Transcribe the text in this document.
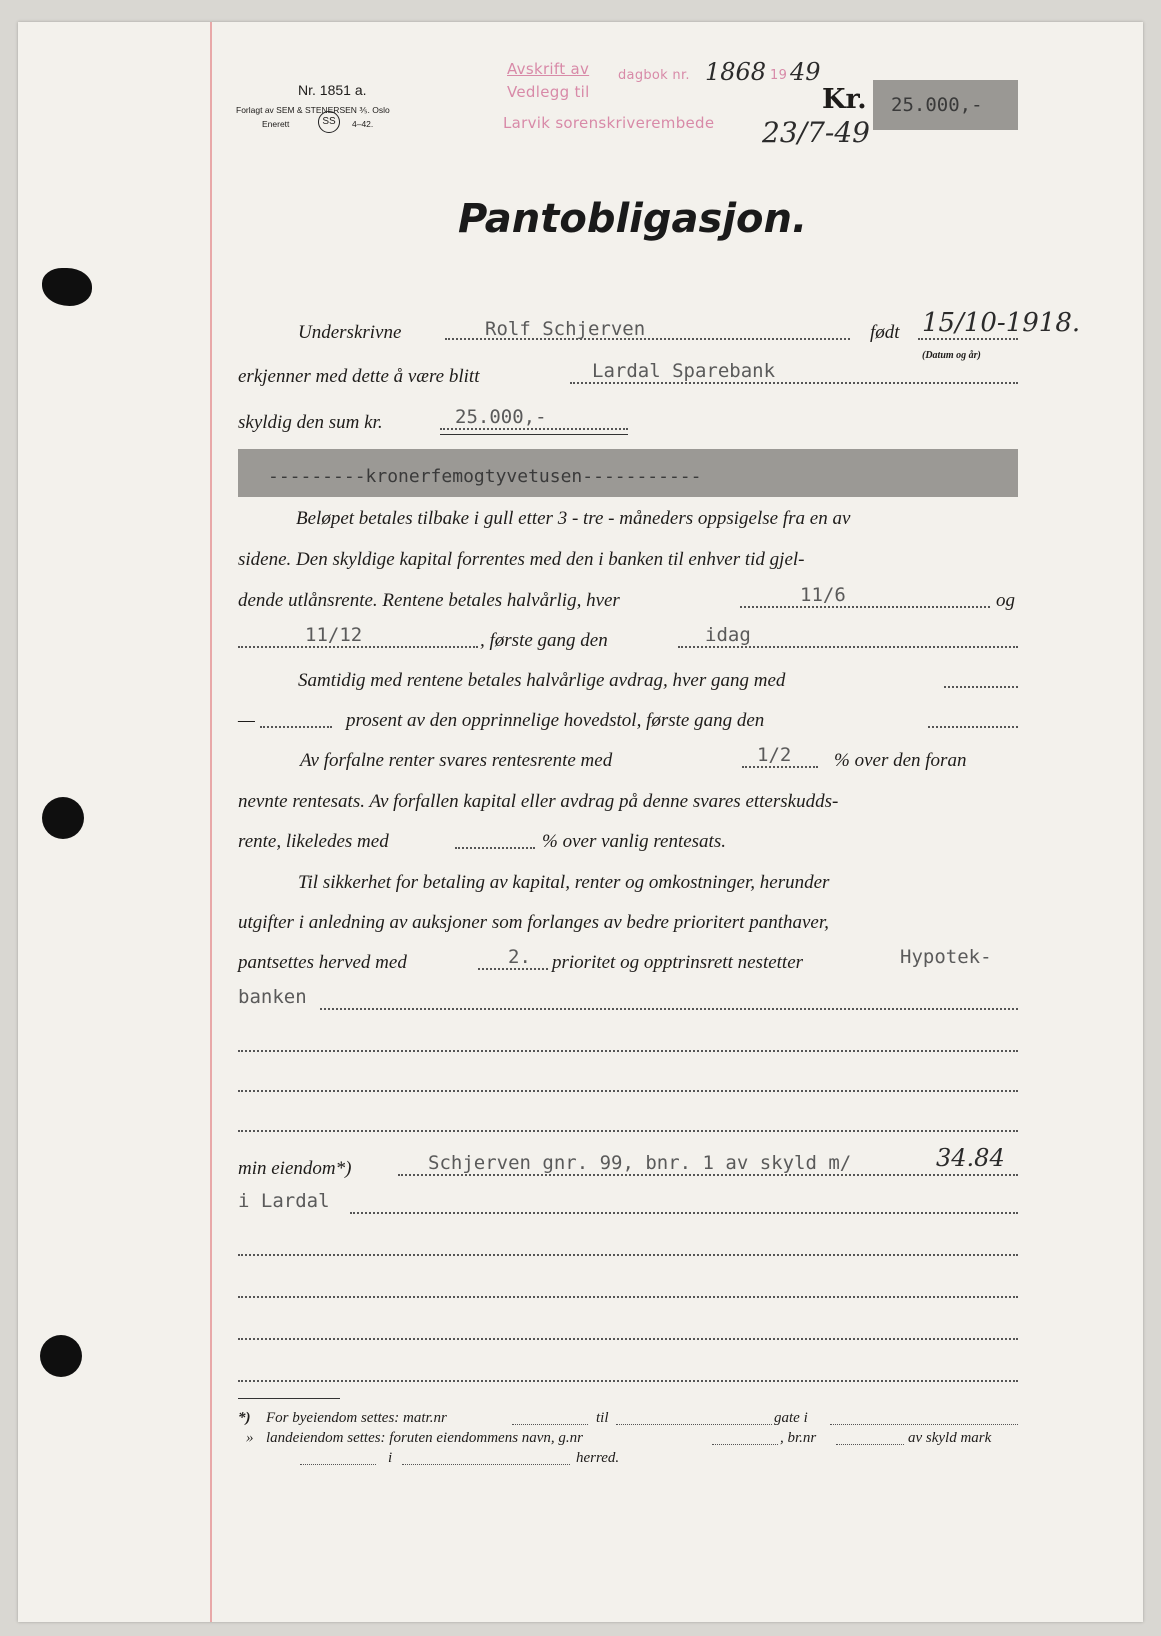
Nr. 1851 a.
Forlagt av SEM & STENERSEN ⅗. Oslo
Enerett	SS	4–42.
Avskrift av
Vedlegg til
Larvik sorenskriverembede
dagbok nr. 1868 19 49
23/7-49
Kr. 25.000,-
Pantobligasjon.
Underskrivne	Rolf Schjerven	født 15/10-1918.
(Datum og år)
erkjenner med dette å være blitt	Lardal Sparebank
skyldig den sum kr.	25.000,-
---------kronerfemogtyvetusen-----------
Beløpet betales tilbake i gull etter 3 - tre - måneders oppsigelse fra en av
sidene. Den skyldige kapital forrentes med den i banken til enhver tid gjel-
dende utlånsrente. Rentene betales halvårlig, hver	11/6	og
11/12	, første gang den	idag
Samtidig med rentene betales halvårlige avdrag, hver gang med
—	prosent av den opprinnelige hovedstol, første gang den
Av forfalne renter svares rentesrente med	1/2 % over den foran
nevnte rentesats. Av forfallen kapital eller avdrag på denne svares etterskudds-
rente, likeledes med	% over vanlig rentesats.
Til sikkerhet for betaling av kapital, renter og omkostninger, herunder
utgifter i anledning av auksjoner som forlanges av bedre prioritert panthaver,
pantsettes herved med	2. prioritet og opptrinsrett nestetter	Hypotek-
banken
min eiendom*)	Schjerven gnr. 99, bnr. 1 av skyld m/	34.84
i Lardal
*) For byeiendom settes: matr.nr	til	gate i
» landeiendom settes: foruten eiendommens navn, g.nr	, br.nr	av skyld mark
i	herred.
